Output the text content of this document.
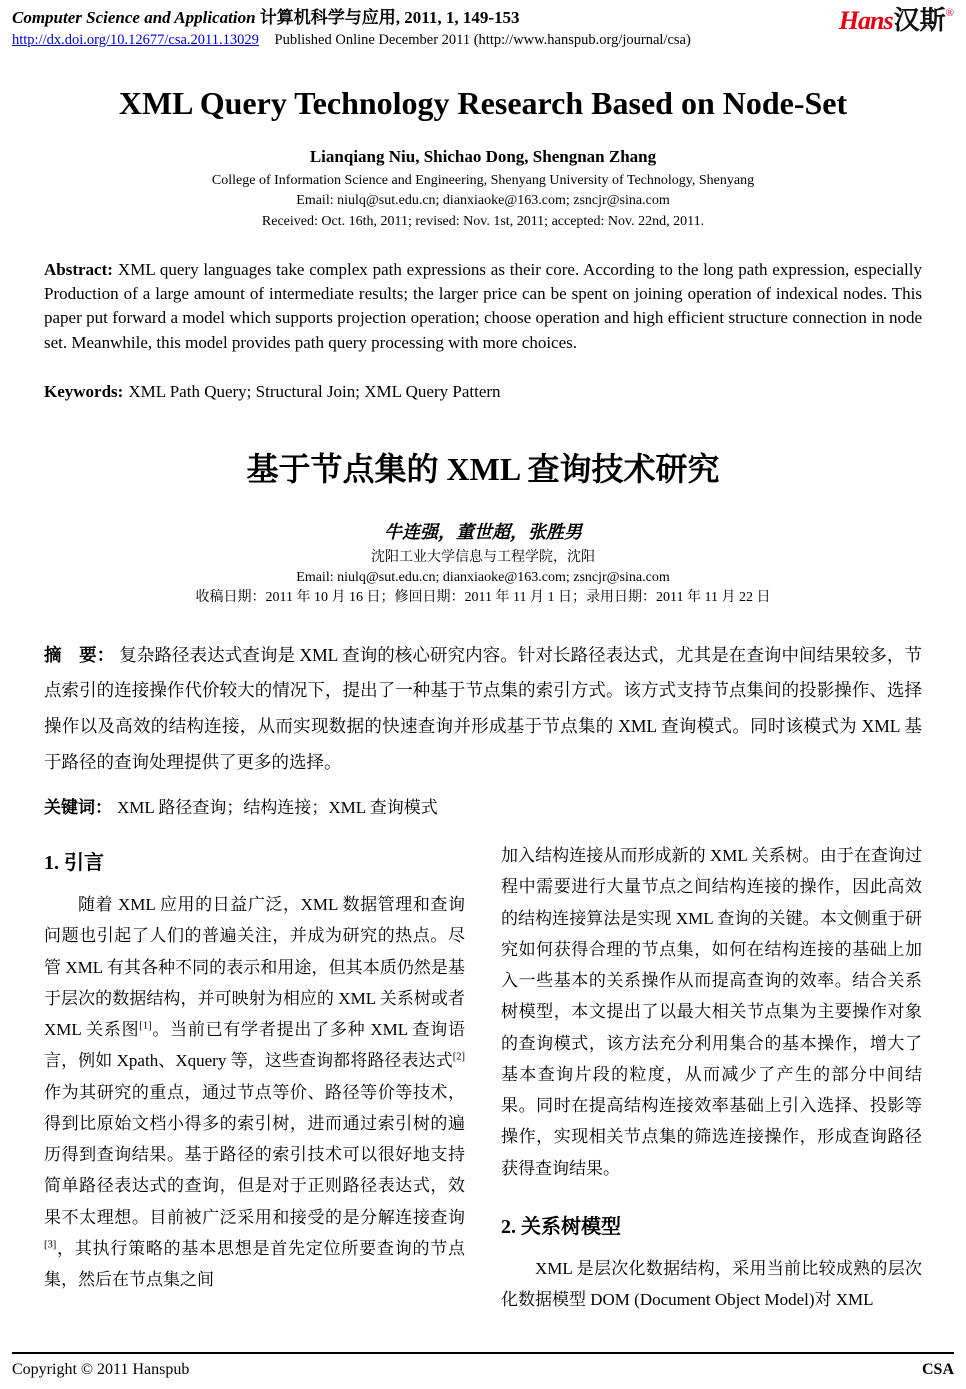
Computer Science and Application 计算机科学与应用, 2011, 1, 149-153
http://dx.doi.org/10.12677/csa.2011.13029 Published Online December 2011 (http://www.hanspub.org/journal/csa)
Hans汉斯®
XML Query Technology Research Based on Node-Set
Lianqiang Niu, Shichao Dong, Shengnan Zhang
College of Information Science and Engineering, Shenyang University of Technology, Shenyang
Email: niulq@sut.edu.cn; dianxiaoke@163.com; zsncjr@sina.com
Received: Oct. 16th, 2011; revised: Nov. 1st, 2011; accepted: Nov. 22nd, 2011.

Abstract: XML query languages take complex path expressions as their core. According to the long path expression, especially Production of a large amount of intermediate results; the larger price can be spent on joining operation of indexical nodes. This paper put forward a model which supports projection operation; choose operation and high efficient structure connection in node set. Meanwhile, this model provides path query processing with more choices.

Keywords: XML Path Query; Structural Join; XML Query Pattern

基于节点集的 XML 查询技术研究
牛连强，董世超，张胜男
沈阳工业大学信息与工程学院，沈阳
Email: niulq@sut.edu.cn; dianxiaoke@163.com; zsncjr@sina.com
收稿日期：2011 年 10 月 16 日；修回日期：2011 年 11 月 1 日；录用日期：2011 年 11 月 22 日

摘　要： 复杂路径表达式查询是 XML 查询的核心研究内容。针对长路径表达式，尤其是在查询中间结果较多，节点索引的连接操作代价较大的情况下，提出了一种基于节点集的索引方式。该方式支持节点集间的投影操作、选择操作以及高效的结构连接，从而实现数据的快速查询并形成基于节点集的 XML 查询模式。同时该模式为 XML 基于路径的查询处理提供了更多的选择。

关键词： XML 路径查询；结构连接；XML 查询模式

1. 引言

随着 XML 应用的日益广泛，XML 数据管理和查询问题也引起了人们的普遍关注，并成为研究的热点。尽管 XML 有其各种不同的表示和用途，但其本质仍然是基于层次的数据结构，并可映射为相应的 XML 关系树或者 XML 关系图[1]。当前已有学者提出了多种 XML 查询语言，例如 Xpath、Xquery 等，这些查询都将路径表达式[2]作为其研究的重点，通过节点等价、路径等价等技术，得到比原始文档小得多的索引树，进而通过索引树的遍历得到查询结果。基于路径的索引技术可以很好地支持简单路径表达式的查询，但是对于正则路径表达式，效果不太理想。目前被广泛采用和接受的是分解连接查询[3]，其执行策略的基本思想是首先定位所要查询的节点集，然后在节点集之间

加入结构连接从而形成新的 XML 关系树。由于在查询过程中需要进行大量节点之间结构连接的操作，因此高效的结构连接算法是实现 XML 查询的关键。本文侧重于研究如何获得合理的节点集，如何在结构连接的基础上加入一些基本的关系操作从而提高查询的效率。结合关系树模型，本文提出了以最大相关节点集为主要操作对象的查询模式，该方法充分利用集合的基本操作，增大了基本查询片段的粒度，从而减少了产生的部分中间结果。同时在提高结构连接效率基础上引入选择、投影等操作，实现相关节点集的筛选连接操作，形成查询路径获得查询结果。

2. 关系树模型

XML 是层次化数据结构，采用当前比较成熟的层次化数据模型 DOM (Document Object Model)对 XML

Copyright © 2011 Hanspub	CSA
